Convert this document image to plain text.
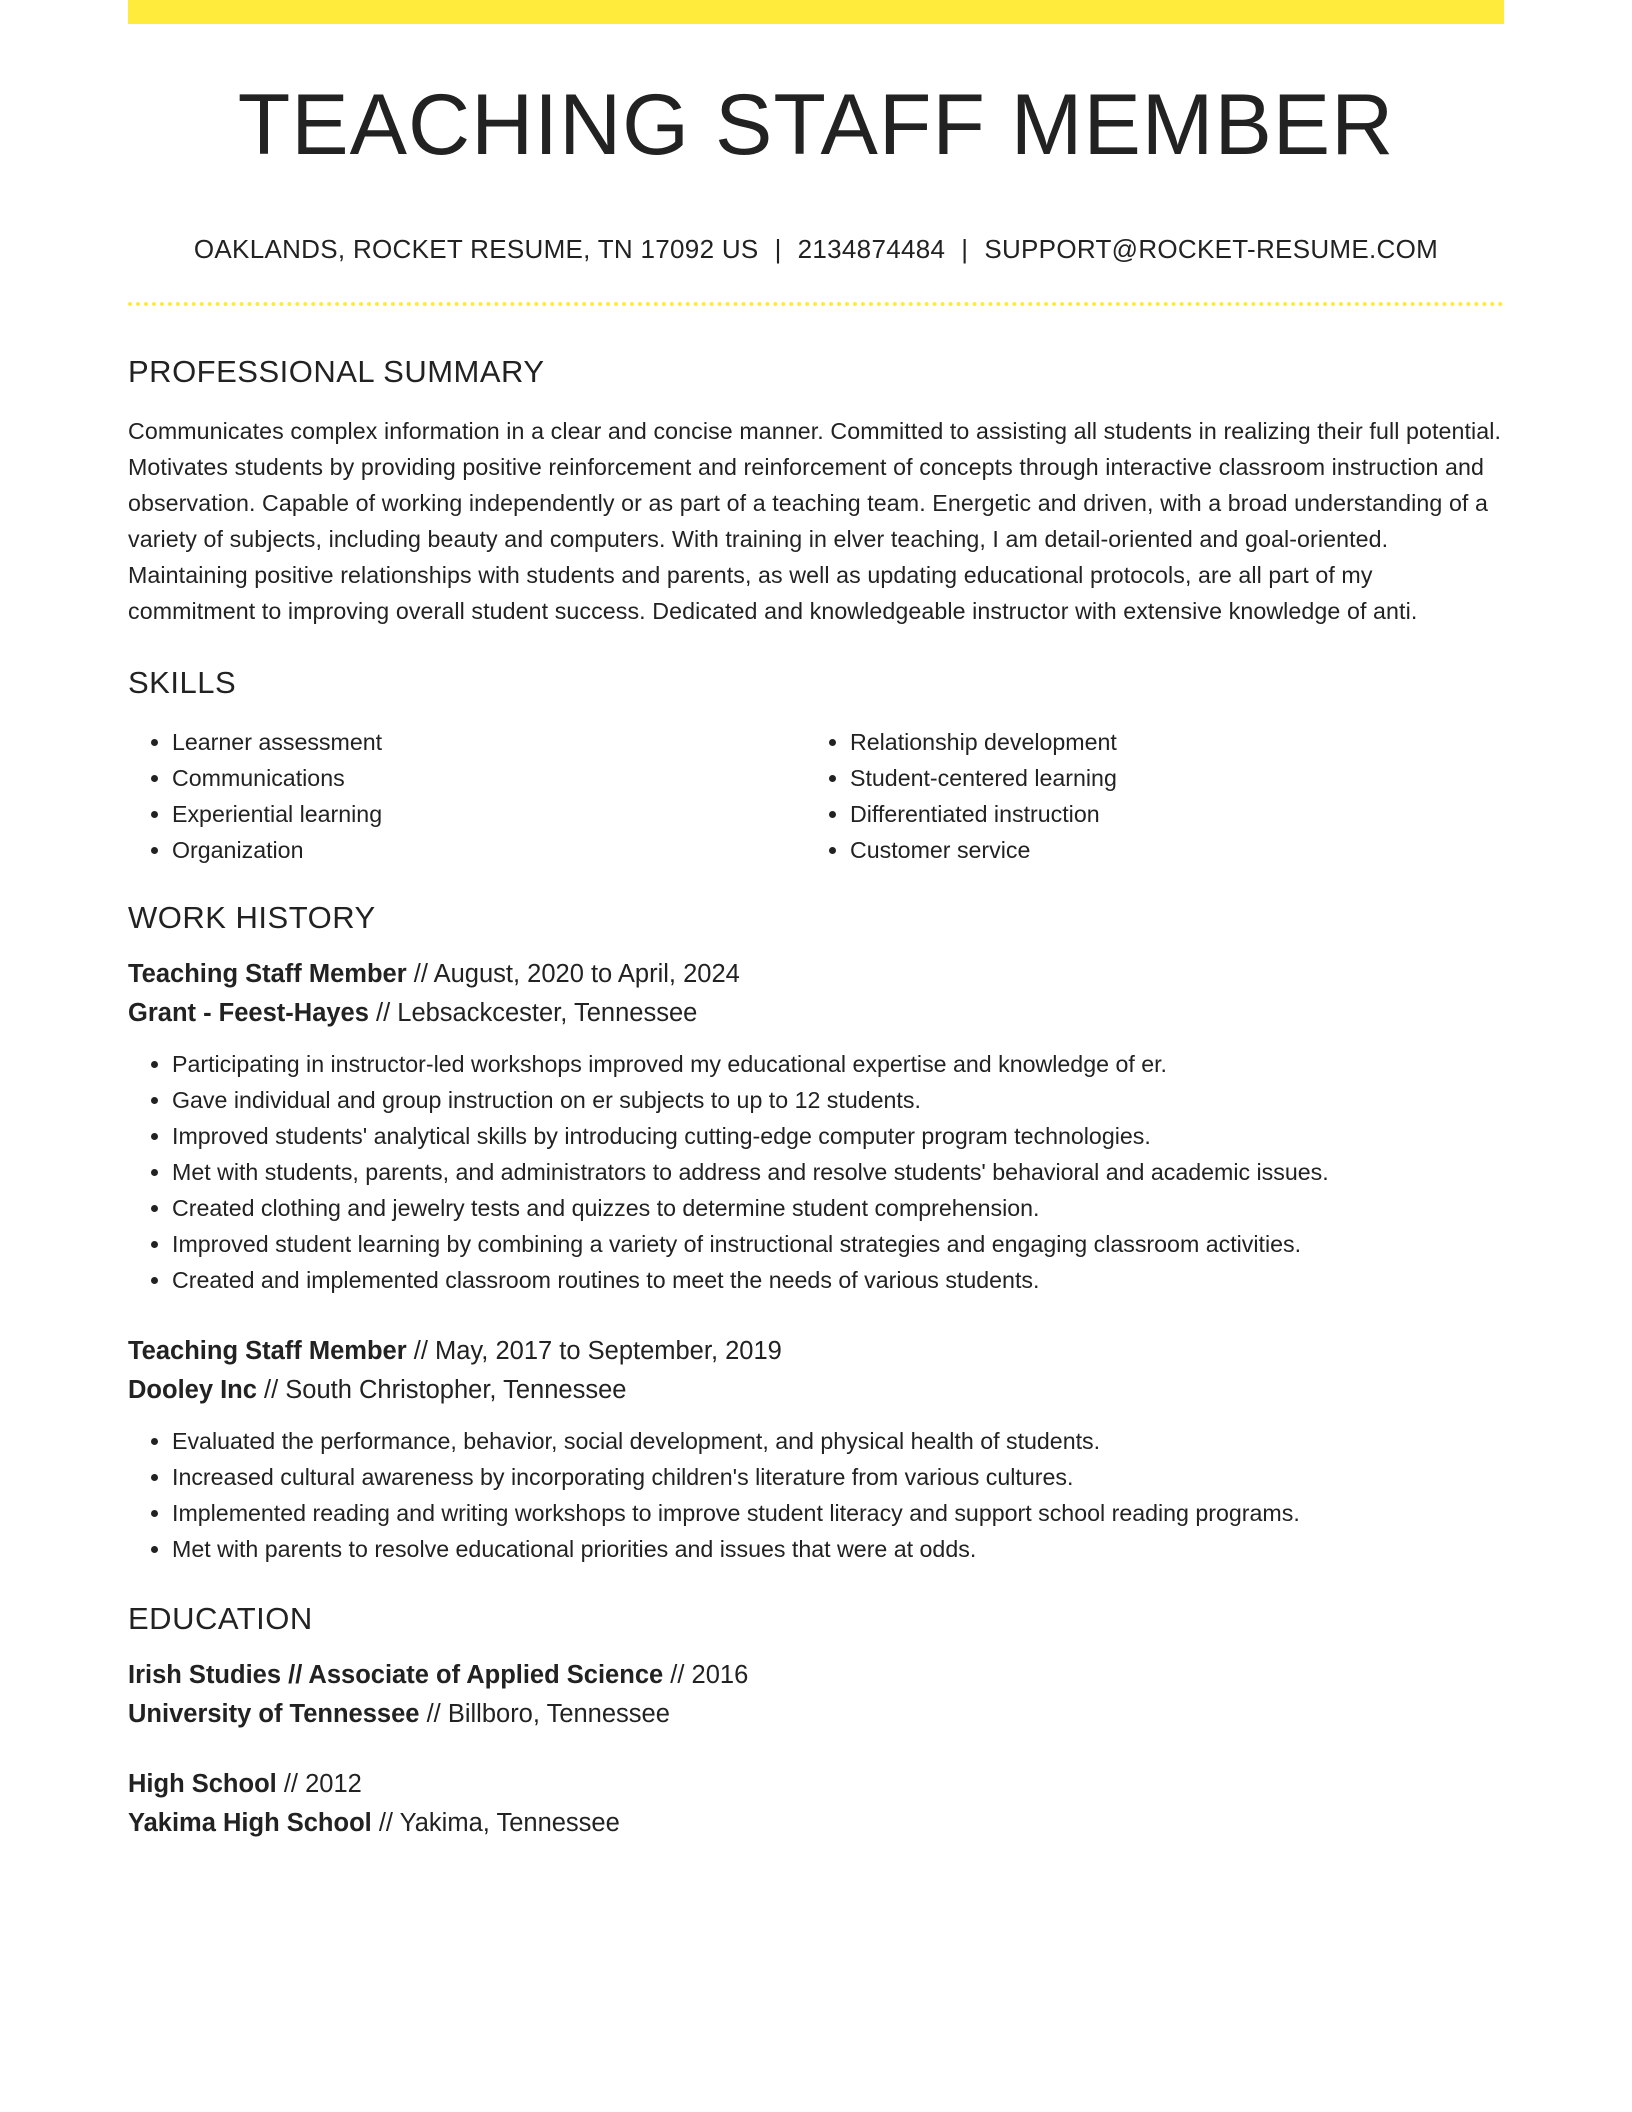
TEACHING STAFF MEMBER
OAKLANDS, ROCKET RESUME, TN 17092 US | 2134874484 | SUPPORT@ROCKET-RESUME.COM
PROFESSIONAL SUMMARY

Communicates complex information in a clear and concise manner. Committed to assisting all students in realizing their full potential. Motivates students by providing positive reinforcement and reinforcement of concepts through interactive classroom instruction and observation. Capable of working independently or as part of a teaching team. Energetic and driven, with a broad understanding of a variety of subjects, including beauty and computers. With training in elver teaching, I am detail-oriented and goal-oriented. Maintaining positive relationships with students and parents, as well as updating educational protocols, are all part of my commitment to improving overall student success. Dedicated and knowledgeable instructor with extensive knowledge of anti.

SKILLS
• Learner assessment
• Communications
• Experiential learning
• Organization
• Relationship development
• Student-centered learning
• Differentiated instruction
• Customer service
WORK HISTORY
Teaching Staff Member // August, 2020 to April, 2024
Grant - Feest-Hayes // Lebsackcester, Tennessee
• Participating in instructor-led workshops improved my educational expertise and knowledge of er.
• Gave individual and group instruction on er subjects to up to 12 students.
• Improved students' analytical skills by introducing cutting-edge computer program technologies.
• Met with students, parents, and administrators to address and resolve students' behavioral and academic issues.
• Created clothing and jewelry tests and quizzes to determine student comprehension.
• Improved student learning by combining a variety of instructional strategies and engaging classroom activities.
• Created and implemented classroom routines to meet the needs of various students.
Teaching Staff Member // May, 2017 to September, 2019
Dooley Inc // South Christopher, Tennessee
• Evaluated the performance, behavior, social development, and physical health of students.
• Increased cultural awareness by incorporating children's literature from various cultures.
• Implemented reading and writing workshops to improve student literacy and support school reading programs.
• Met with parents to resolve educational priorities and issues that were at odds.
EDUCATION
Irish Studies // Associate of Applied Science // 2016
University of Tennessee // Billboro, Tennessee
High School // 2012
Yakima High School // Yakima, Tennessee
